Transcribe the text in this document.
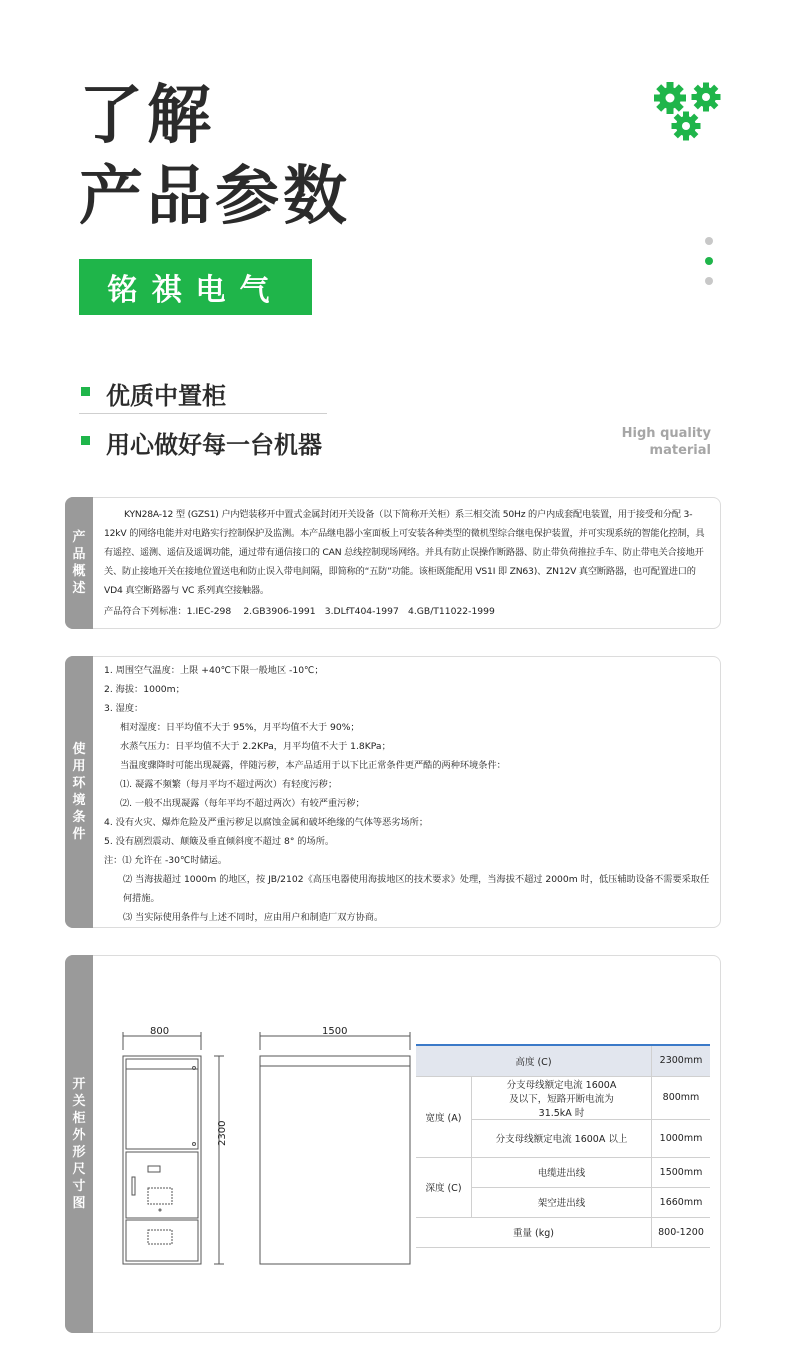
了解
产品参数
铭祺电气
优质中置柜
用心做好每一台机器	High quality
material
产品概述
KYN28A-12 型 (GZS1) 户内铠装移开中置式金属封闭开关设备（以下简称开关柜）系三相交流 50Hz 的户内成套配电装置，用于接受和分配 3-12kV 的网络电能并对电路实行控制保护及监测。本产品继电器小室面板上可安装各种类型的微机型综合继电保护装置，并可实现系统的智能化控制，具有遥控、遥测、遥信及遥调功能，通过带有通信接口的 CAN 总线控制现场网络。并具有防止误操作断路器、防止带负荷推拉手车、防止带电关合接地开关、防止接地开关在接地位置送电和防止误入带电间隔，即简称的“五防”功能。该柜既能配用 VS1I 即 ZN63)、ZN12V 真空断路器，也可配置进口的 VD4 真空断路器与 VC 系列真空接触器。
产品符合下列标准：1.IEC-298　 2.GB3906-1991　3.DLfT404-1997　4.GB/T11022-1999
使用环境条件
1. 周围空气温度：上限 +40℃下限一般地区 -10℃；
2. 海拔：1000m；
3. 湿度：
相对湿度：日平均值不大于 95%，月平均值不大于 90%；
水蒸气压力：日平均值不大于 2.2KPa，月平均值不大于 1.8KPa；
当温度骤降时可能出现凝露，伴随污秽，本产品适用于以下比正常条件更严酷的两种环境条件：
⑴. 凝露不频繁（每月平均不超过两次）有轻度污秽；
⑵. 一般不出现凝露（每年平均不超过两次）有较严重污秽；
4. 没有火灾、爆炸危险及严重污秽足以腐蚀金属和破坏绝缘的气体等恶劣场所；
5. 没有剧烈震动、颠簸及垂直倾斜度不超过 8° 的场所。
注：⑴ 允许在 -30℃时储运。
⑵ 当海拔超过 1000m 的地区，按 JB/2102《高压电器使用海拔地区的技术要求》处理，当海拔不超过 2000m 时，低压辅助设备不需要采取任何措施。
⑶ 当实际使用条件与上述不同时，应由用户和制造厂双方协商。
开关柜外形尺寸图
800	1500
2300
高度 (C)		2300mm
宽度 (A)	分支母线额定电流 1600A 及以下，短路开断电流为 31.5kA 时	800mm
	分支母线额定电流 1600A 以上	1000mm
深度 (C)	电缆进出线	1500mm
	架空进出线	1660mm
重量 (kg)		800-1200
